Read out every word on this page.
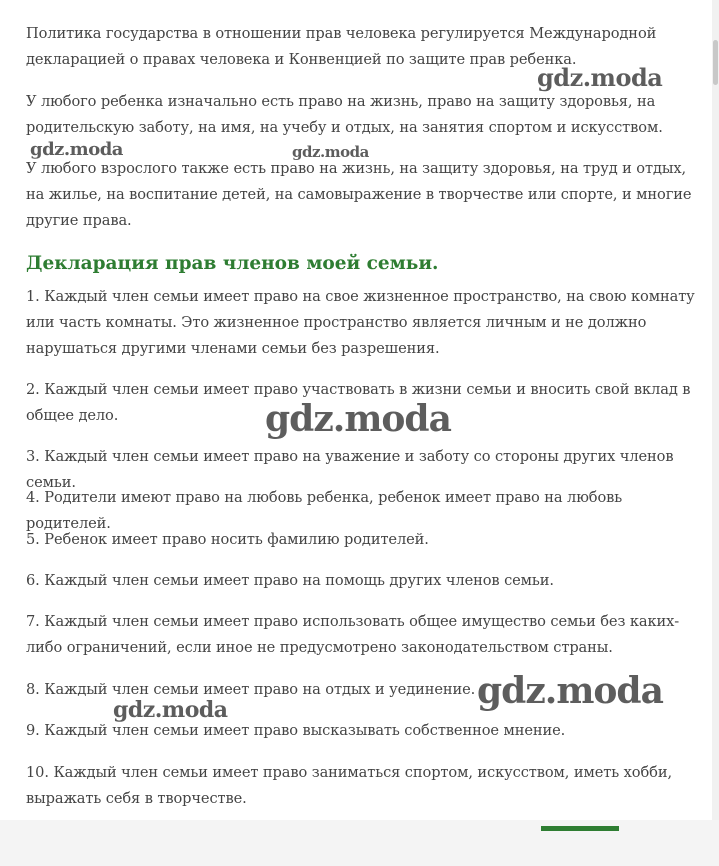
Политика государства в отношении прав человека регулируется Международной декларацией о правах человека и Конвенцией по защите прав ребенка.

У любого ребенка изначально есть право на жизнь, право на защиту здоровья, на родительскую заботу, на имя, на учебу и отдых, на занятия спортом и искусством.

У любого взрослого также есть право на жизнь, на защиту здоровья, на труд и отдых, на жилье, на воспитание детей, на самовыражение в творчестве или спорте, и многие другие права.

Декларация прав членов моей семьи.

1. Каждый член семьи имеет право на свое жизненное пространство, на свою комнату или часть комнаты. Это жизненное пространство является личным и не должно нарушаться другими членами семьи без разрешения.

2. Каждый член семьи имеет право участвовать в жизни семьи и вносить свой вклад в общее дело.

3. Каждый член семьи имеет право на уважение и заботу со стороны других членов семьи.

4. Родители имеют право на любовь ребенка, ребенок имеет право на любовь родителей.

5. Ребенок имеет право носить фамилию родителей.

6. Каждый член семьи имеет право на помощь других членов семьи.

7. Каждый член семьи имеет право использовать общее имущество семьи без каких-либо ограничений, если иное не предусмотрено законодательством страны.

8. Каждый член семьи имеет право на отдых и уединение.

9. Каждый член семьи имеет право высказывать собственное мнение.

10. Каждый член семьи имеет право заниматься спортом, искусством, иметь хобби, выражать себя в творчестве.

gdz.moda
gdz.moda	gdz.moda
gdz.moda
gdz.moda
gdz.moda
